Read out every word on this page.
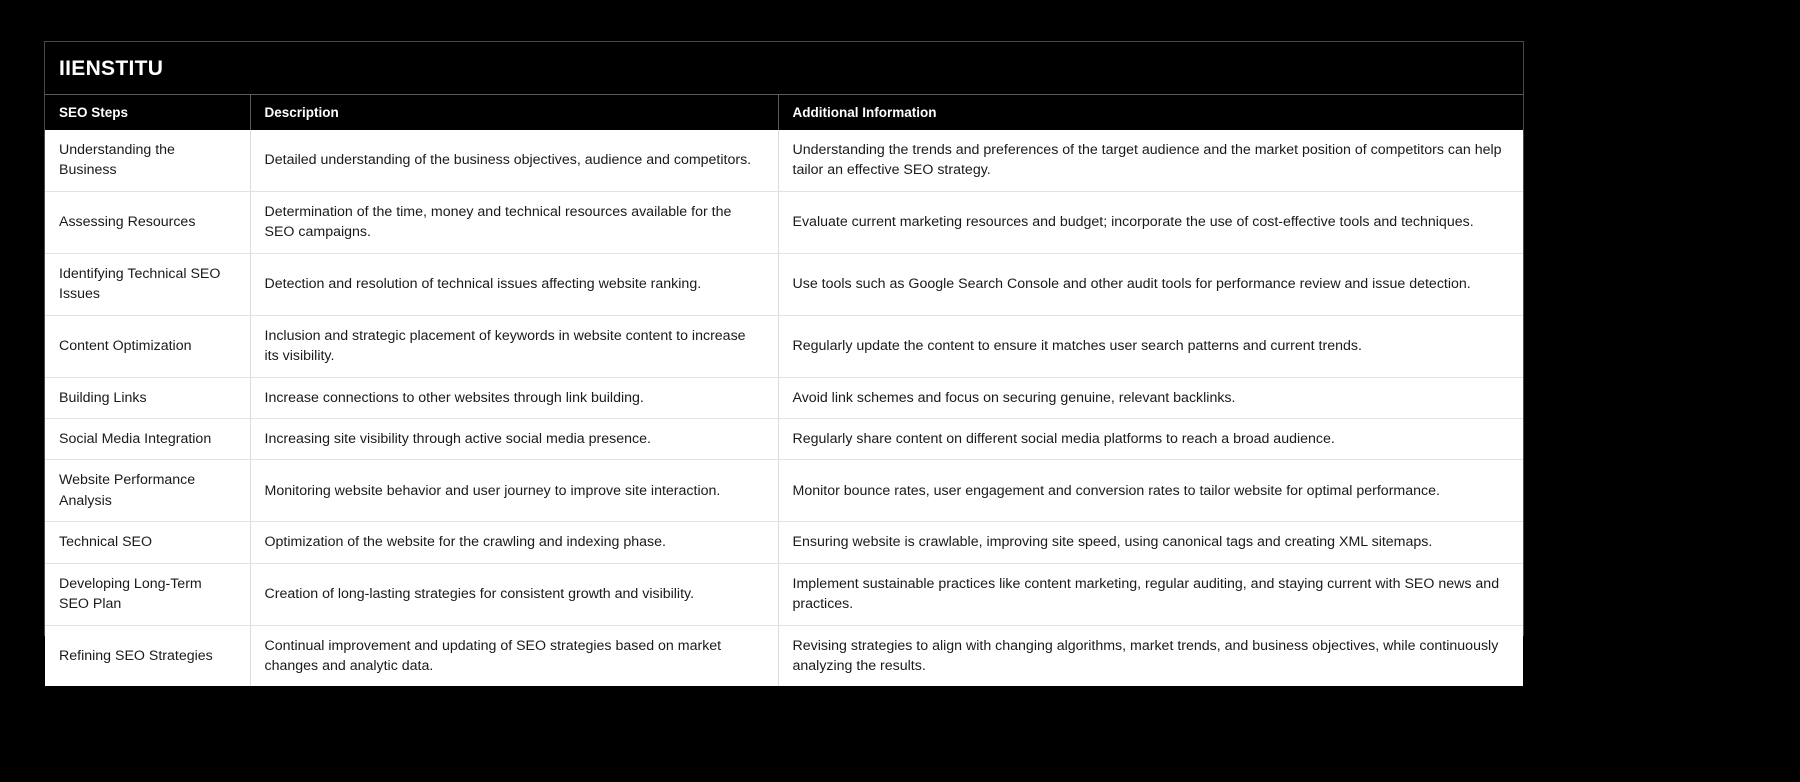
IIENSTITU
SEO Steps	Description	Additional Information
Understanding the Business	Detailed understanding of the business objectives, audience and competitors.	Understanding the trends and preferences of the target audience and the market position of competitors can help tailor an effective SEO strategy.
Assessing Resources	Determination of the time, money and technical resources available for the SEO campaigns.	Evaluate current marketing resources and budget; incorporate the use of cost-effective tools and techniques.
Identifying Technical SEO Issues	Detection and resolution of technical issues affecting website ranking.	Use tools such as Google Search Console and other audit tools for performance review and issue detection.
Content Optimization	Inclusion and strategic placement of keywords in website content to increase its visibility.	Regularly update the content to ensure it matches user search patterns and current trends.
Building Links	Increase connections to other websites through link building.	Avoid link schemes and focus on securing genuine, relevant backlinks.
Social Media Integration	Increasing site visibility through active social media presence.	Regularly share content on different social media platforms to reach a broad audience.
Website Performance Analysis	Monitoring website behavior and user journey to improve site interaction.	Monitor bounce rates, user engagement and conversion rates to tailor website for optimal performance.
Technical SEO	Optimization of the website for the crawling and indexing phase.	Ensuring website is crawlable, improving site speed, using canonical tags and creating XML sitemaps.
Developing Long-Term SEO Plan	Creation of long-lasting strategies for consistent growth and visibility.	Implement sustainable practices like content marketing, regular auditing, and staying current with SEO news and practices.
Refining SEO Strategies	Continual improvement and updating of SEO strategies based on market changes and analytic data.	Revising strategies to align with changing algorithms, market trends, and business objectives, while continuously analyzing the results.
